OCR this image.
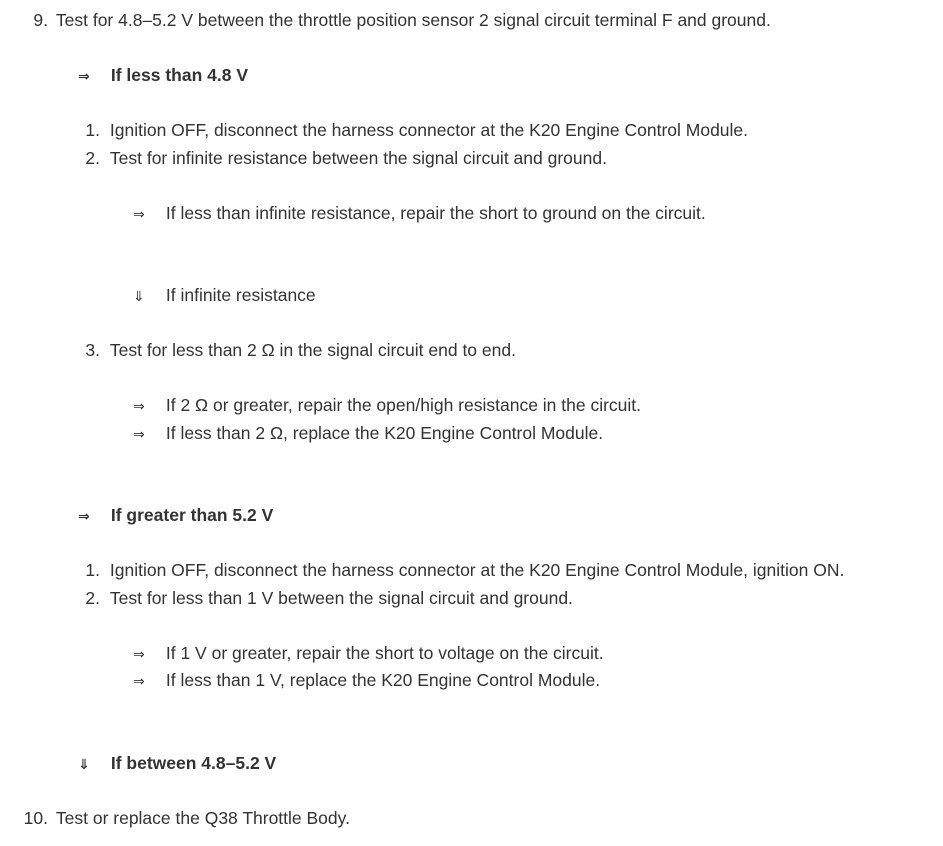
9. Test for 4.8–5.2 V between the throttle position sensor 2 signal circuit terminal F and ground.
⇒ If less than 4.8 V
1. Ignition OFF, disconnect the harness connector at the K20 Engine Control Module.
2. Test for infinite resistance between the signal circuit and ground.
⇒ If less than infinite resistance, repair the short to ground on the circuit.
⇓ If infinite resistance
3. Test for less than 2 Ω in the signal circuit end to end.
⇒ If 2 Ω or greater, repair the open/high resistance in the circuit.
⇒ If less than 2 Ω, replace the K20 Engine Control Module.
⇒ If greater than 5.2 V
1. Ignition OFF, disconnect the harness connector at the K20 Engine Control Module, ignition ON.
2. Test for less than 1 V between the signal circuit and ground.
⇒ If 1 V or greater, repair the short to voltage on the circuit.
⇒ If less than 1 V, replace the K20 Engine Control Module.
⇓ If between 4.8–5.2 V
10. Test or replace the Q38 Throttle Body.
